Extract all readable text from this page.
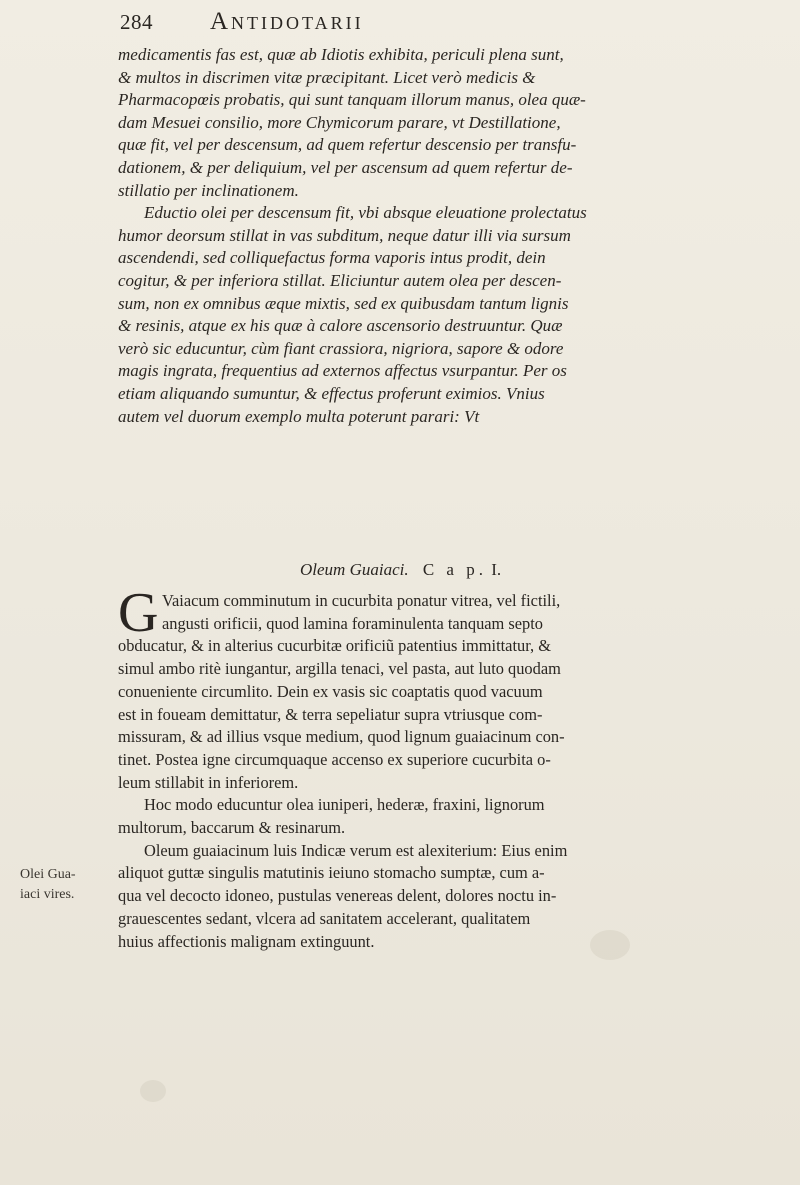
284 Antidotarii
medicamentis fas est, quæ ab Idiotis exhibita, periculi plena sunt,
& multos in discrimen vitæ præcipitant. Licet verò medicis &
Pharmacopœis probatis, qui sunt tanquam illorum manus, olea quæ-
dam Mesuei consilio, more Chymicorum parare, vt Destillatione,
quæ fit, vel per descensum, ad quem refertur descensio per transfu-
dationem, & per deliquium, vel per ascensum ad quem refertur de-
stillatio per inclinationem.
Eductio olei per descensum fit, vbi absque eleuatione prolectatus
humor deorsum stillat in vas subditum, neque datur illi via sursum
ascendendi, sed colliquefactus forma vaporis intus prodit, dein
cogitur, & per inferiora stillat. Eliciuntur autem olea per descen-
sum, non ex omnibus æque mixtis, sed ex quibusdam tantum lignis
& resinis, atque ex his quæ à calore ascensorio destruuntur. Quæ
verò sic educuntur, cùm fiant crassiora, nigriora, sapore & odore
magis ingrata, frequentius ad externos affectus vsurpantur. Per os
etiam aliquando sumuntur, & effectus proferunt eximios. Vnius
autem vel duorum exemplo multa poterunt parari: Vt
Oleum Guaiaci. C a p. I.
G Vaiacum comminutum in cucurbita ponatur vitrea, vel fictili,
angusti orificii, quod lamina foraminulenta tanquam septo
obducatur, & in alterius cucurbitæ orificiũ patentius immittatur, &
simul ambo ritè iungantur, argilla tenaci, vel pasta, aut luto quodam
conueniente circumlito. Dein ex vasis sic coaptatis quod vacuum
est in foueam demittatur, & terra sepeliatur supra vtriusque com-
missuram, & ad illius vsque medium, quod lignum guaiacinum con-
tinet. Postea igne circumquaque accenso ex superiore cucurbita o-
leum stillabit in inferiorem.
Hoc modo educuntur olea iuniperi, hederæ, fraxini, lignorum
multorum, baccarum & resinarum.
Oleum guaiacinum luis Indicæ verum est alexiterium: Eius enim
aliquot guttæ singulis matutinis ieiuno stomacho sumptæ, cum a-
qua vel decocto idoneo, pustulas venereas delent, dolores noctu in-
grauescentes sedant, vlcera ad sanitatem accelerant, qualitatem
huius affectionis malignam extinguunt.
Olei Gua-
iaci vires.
